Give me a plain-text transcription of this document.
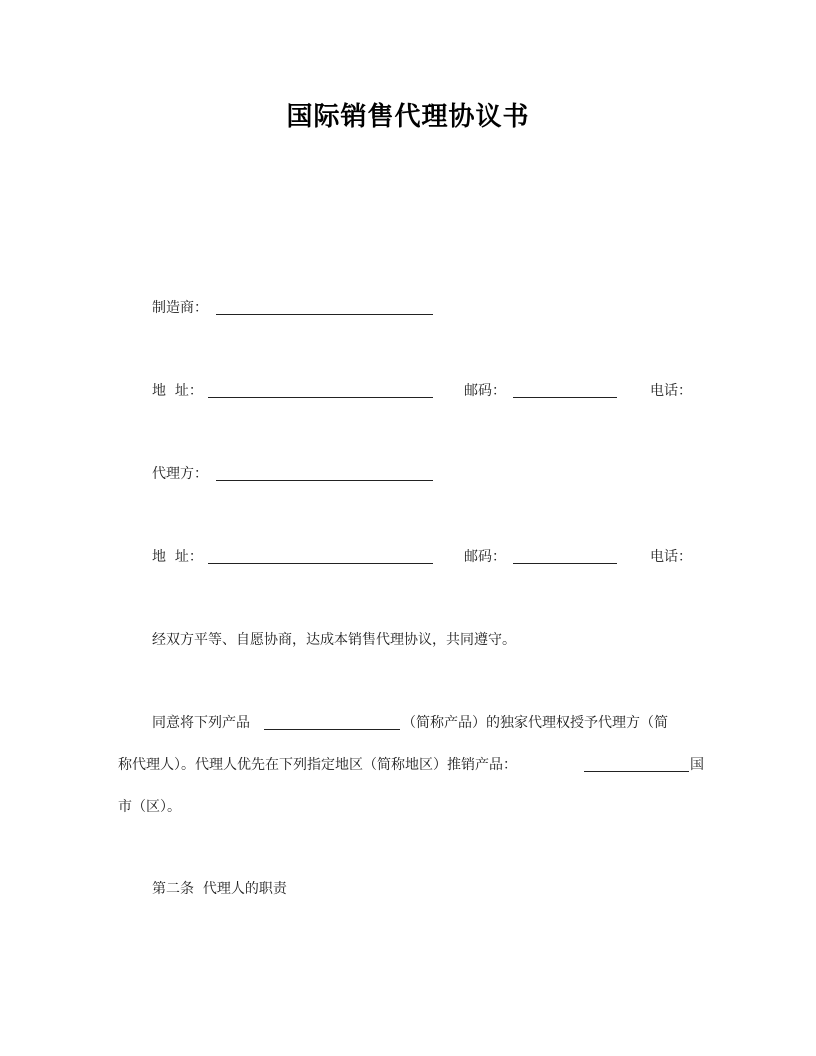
国际销售代理协议书
制造商：
地  址：	邮码：	电话：
代理方：
地  址：	邮码：	电话：
经双方平等、自愿协商，达成本销售代理协议，共同遵守。
同意将下列产品	（简称产品）的独家代理权授予代理方（简
称代理人）。代理人优先在下列指定地区（简称地区）推销产品：	国
市（区）。
第二条  代理人的职责
